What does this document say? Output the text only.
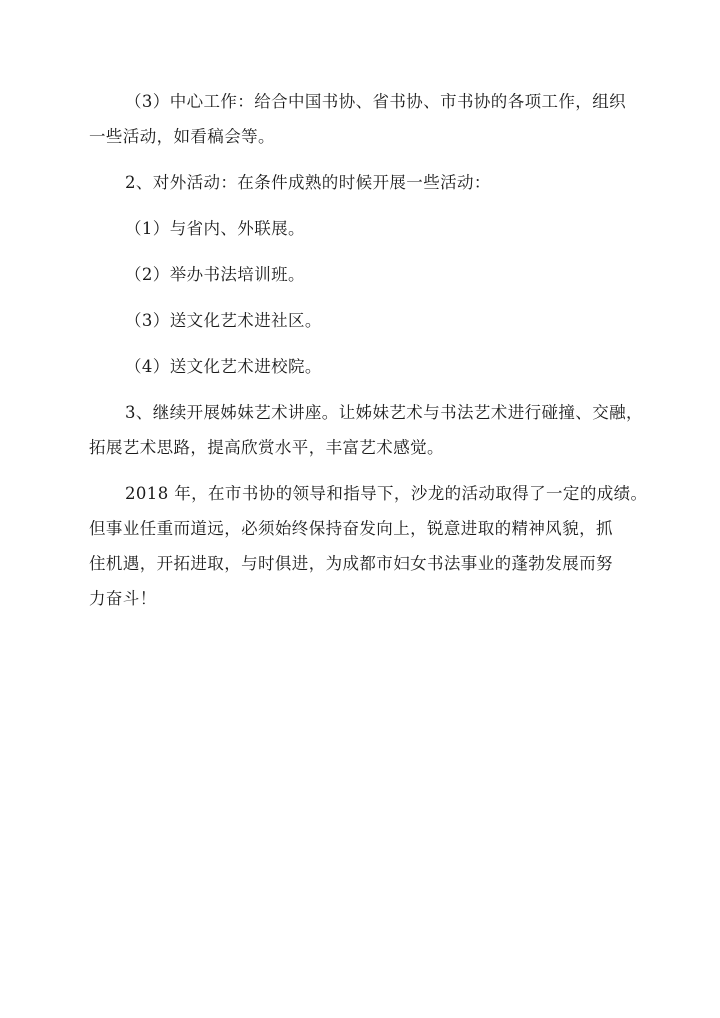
（3）中心工作：给合中国书协、省书协、市书协的各项工作，组织
一些活动，如看稿会等。
2、对外活动：在条件成熟的时候开展一些活动：
（1）与省内、外联展。
（2）举办书法培训班。
（3）送文化艺术进社区。
（4）送文化艺术进校院。
3、继续开展姊妹艺术讲座。让姊妹艺术与书法艺术进行碰撞、交融，
拓展艺术思路，提高欣赏水平，丰富艺术感觉。
2018 年，在市书协的领导和指导下，沙龙的活动取得了一定的成绩。
但事业任重而道远，必须始终保持奋发向上，锐意进取的精神风貌，抓
住机遇，开拓进取，与时俱进，为成都市妇女书法事业的蓬勃发展而努
力奋斗！
